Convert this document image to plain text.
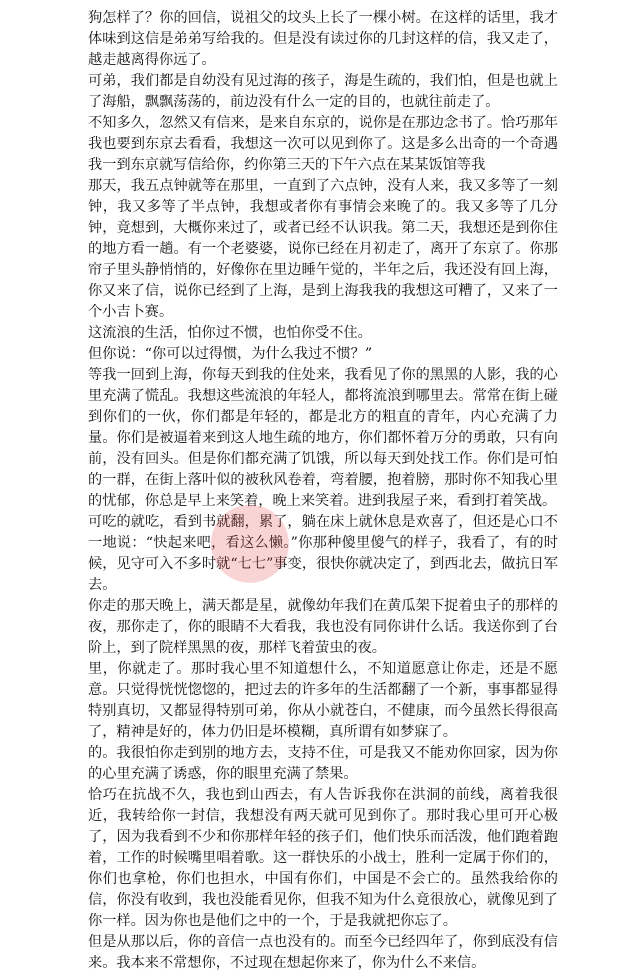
狗怎样了？你的回信，说祖父的坟头上长了一棵小树。在这样的话里，我才体味到这信是弟弟写给我的。但是没有读过你的几封这样的信，我又走了，越走越离得你远了。

可弟，我们都是自幼没有见过海的孩子，海是生疏的，我们怕，但是也就上了海船，飘飘荡荡的，前边没有什么一定的目的，也就往前走了。

不知多久，忽然又有信来，是来自东京的，说你是在那边念书了。恰巧那年我也要到东京去看看，我想这一次可以见到你了。这是多么出奇的一个奇遇　我一到东京就写信给你，约你第三天的下午六点在某某饭馆等我

那天，我五点钟就等在那里，一直到了六点钟，没有人来，我又多等了一刻钟，我又多等了半点钟，我想或者你有事情会来晚了的。我又多等了几分钟，竟想到，大概你来过了，或者已经不认识我。第二天，我想还是到你住的地方看一趟。有一个老婆婆，说你已经在月初走了，离开了东京了。你那帘子里头静悄悄的，好像你在里边睡午觉的，半年之后，我还没有回上海，你又来了信，说你已经到了上海，是到上海我我的我想这可糟了，又来了一个小吉卜赛。

这流浪的生活，怕你过不惯，也怕你受不住。

但你说：“你可以过得惯，为什么我过不惯？”

等我一回到上海，你每天到我的住处来，我看见了你的黑黑的人影，我的心里充满了慌乱。我想这些流浪的年轻人，都将流浪到哪里去。常常在街上碰到你们的一伙，你们都是年轻的，都是北方的粗直的青年，内心充满了力量。你们是被逼着来到这人地生疏的地方，你们都怀着万分的勇敢，只有向前，没有回头。但是你们都充满了饥饿，所以每天到处找工作。你们是可怕的一群，在街上落叶似的被秋风卷着，弯着腰，抱着膀，那时你不知我心里的忧郁，你总是早上来笑着，晚上来笑着。进到我屋子来，看到打着笑战。

可吃的就吃，看到书就翻，累了，躺在床上就休息是欢喜了，但还是心口不一地说：“快起来吧，看这么懒。”你那种傻里傻气的样子，我看了，有的时候，见守可入不多时就“七七”事变，很快你就决定了，到西北去，做抗日军去。

你走的那天晚上，满天都是星，就像幼年我们在黄瓜架下捉着虫子的那样的夜，那你走了，你的眼睛不大看我，我也没有同你讲什么话。我送你到了台阶上，到了院样黑黑的夜，那样飞着萤虫的夜。

里，你就走了。那时我心里不知道想什么，不知道愿意让你走，还是不愿意。只觉得恍恍惚惚的，把过去的许多年的生活都翻了一个新，事事都显得特别真切，又都显得特别可弟，你从小就苍白，不健康，而今虽然长得很高了，精神是好的，体力仍旧是坏模糊，真所谓有如梦寐了。

的。我很怕你走到别的地方去，支持不住，可是我又不能劝你回家，因为你的心里充满了诱惑，你的眼里充满了禁果。

恰巧在抗战不久，我也到山西去，有人告诉我你在洪洞的前线，离着我很近，我转给你一封信，我想没有两天就可见到你了。那时我心里可开心极了，因为我看到不少和你那样年轻的孩子们，他们快乐而活泼，他们跑着跑着，工作的时候嘴里唱着歌。这一群快乐的小战士，胜利一定属于你们的，你们也拿枪，你们也担水，中国有你们，中国是不会亡的。虽然我给你的信，你没有收到，我也没能看见你，但我不知为什么竟很放心，就像见到了你一样。因为你也是他们之中的一个，于是我就把你忘了。

但是从那以后，你的音信一点也没有的。而至今已经四年了，你到底没有信来。我本来不常想你，不过现在想起你来了，你为什么不来信。
